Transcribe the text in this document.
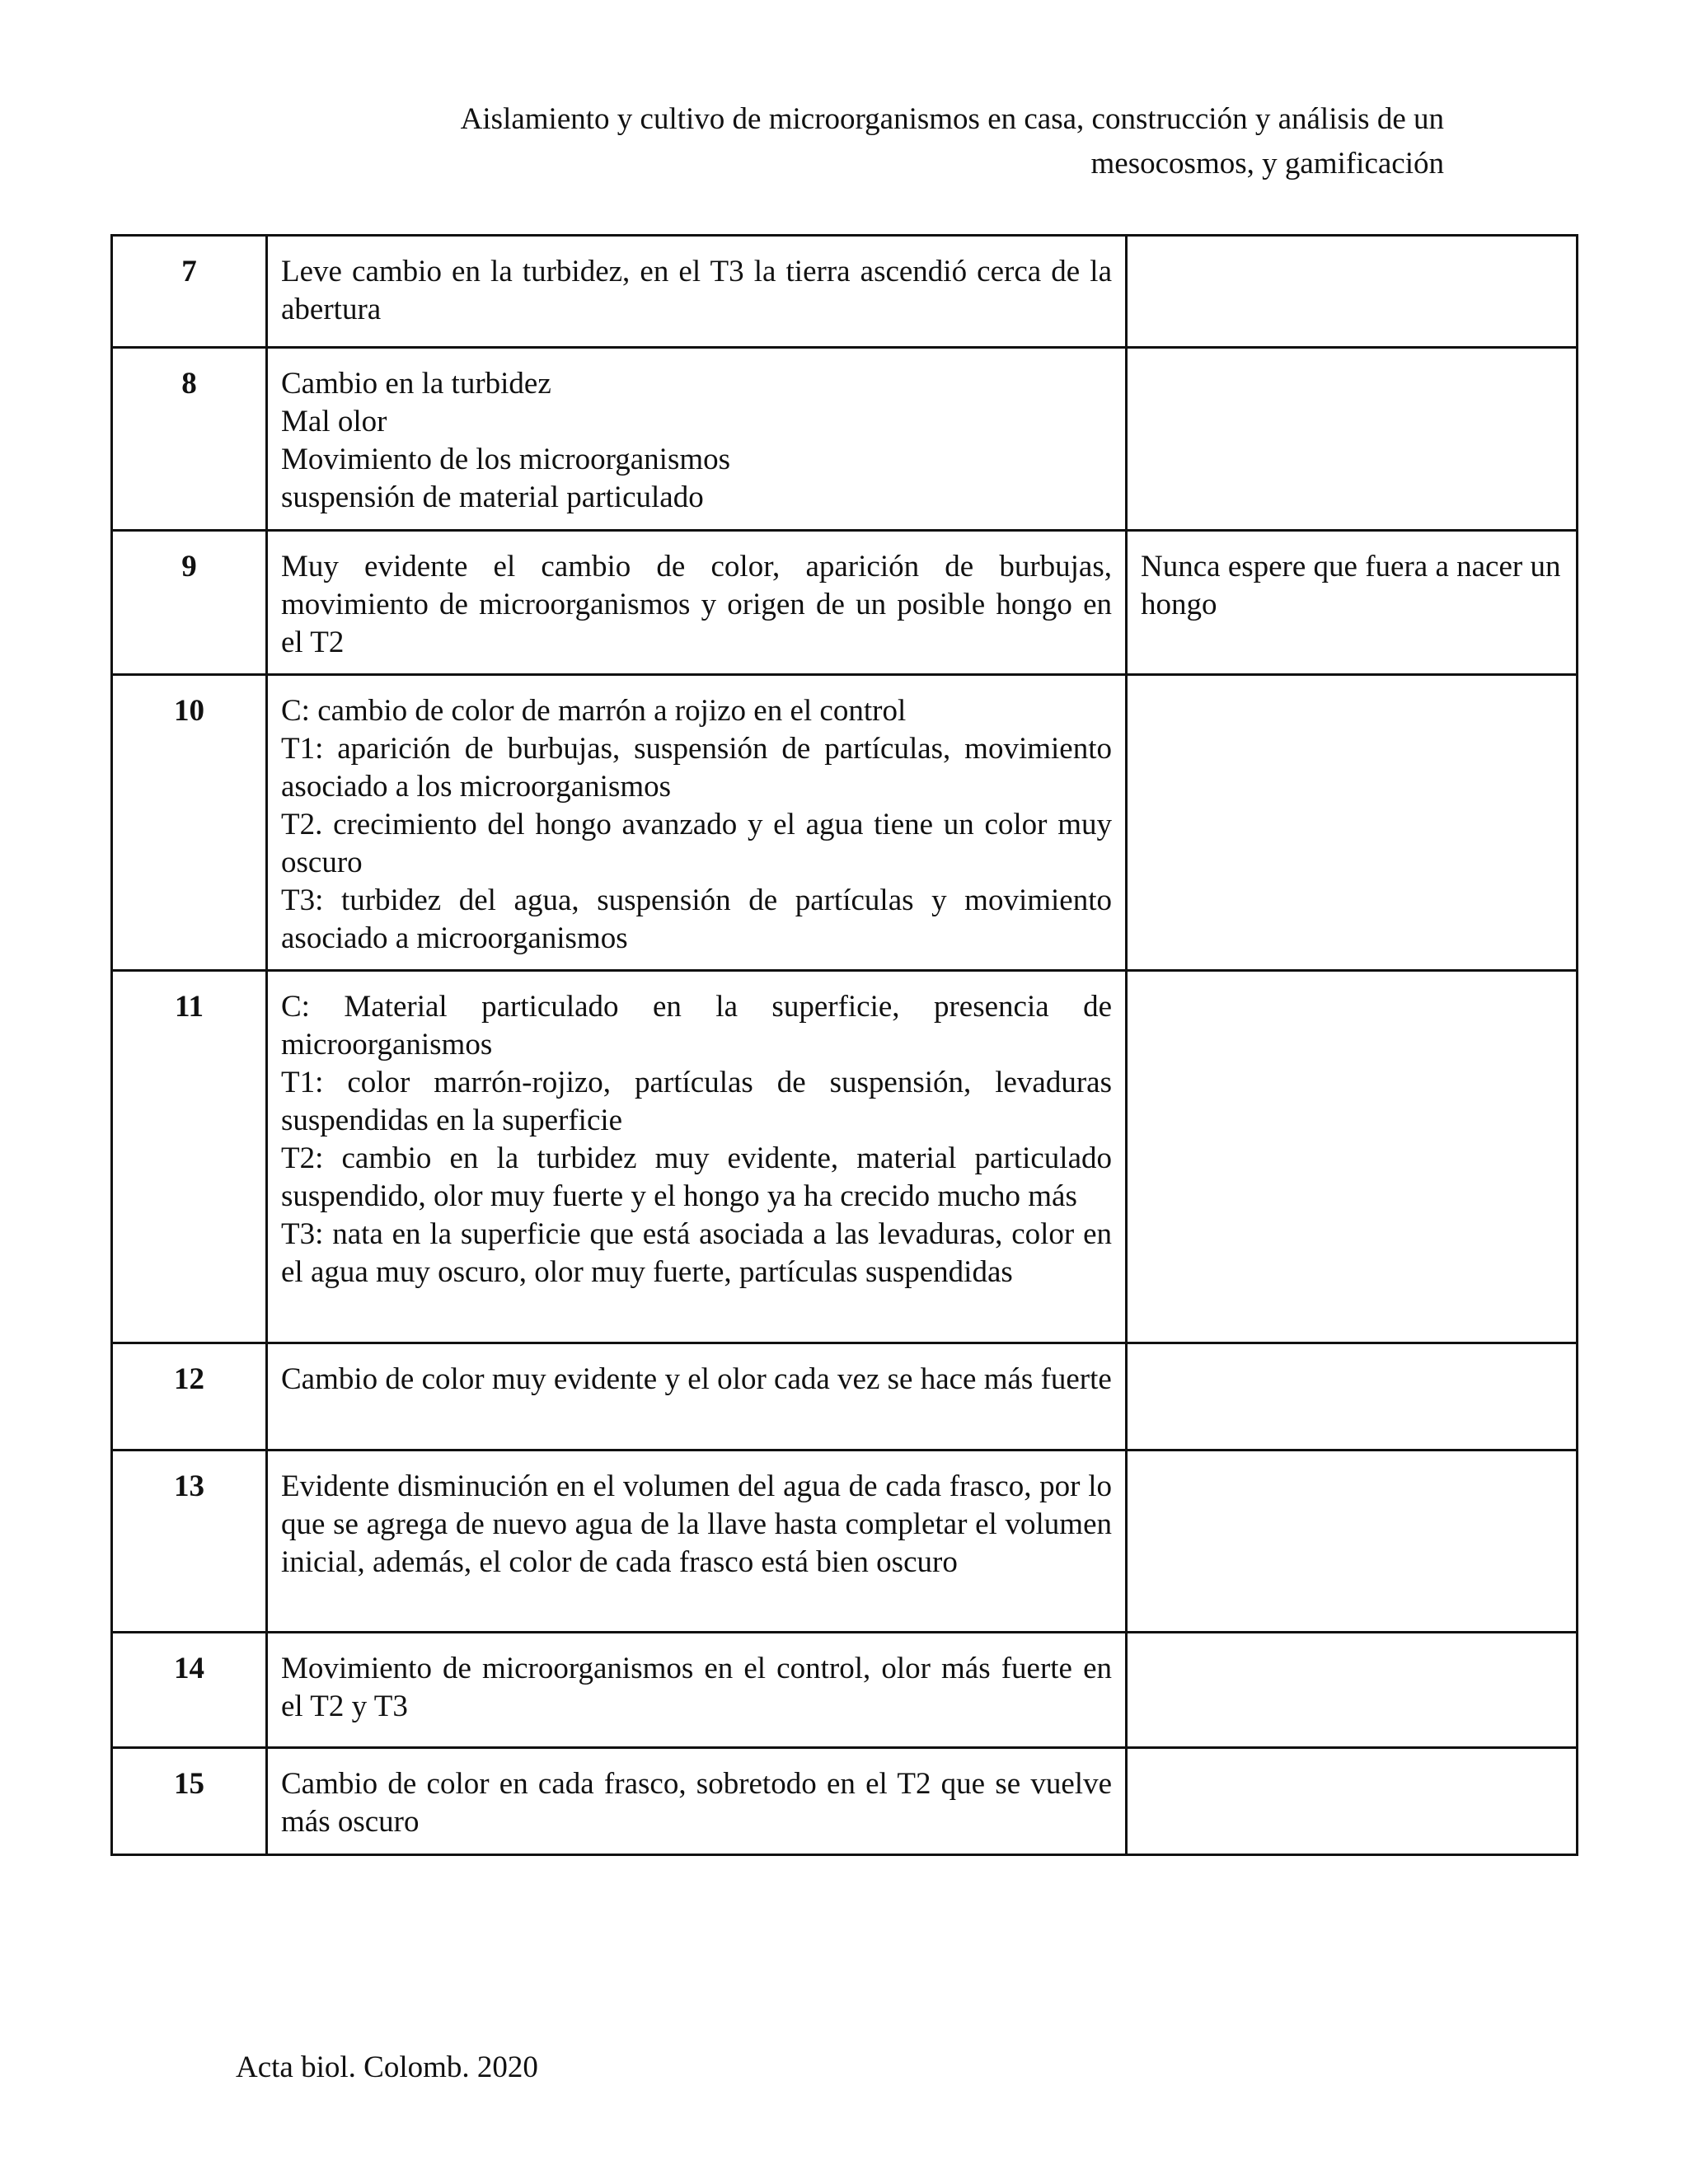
Aislamiento y cultivo de microorganismos en casa, construcción y análisis de un
mesocosmos, y gamificación
7	Leve cambio en la turbidez, en el T3 la tierra ascendió cerca de la abertura	

8	Cambio en la turbidez
Mal olor
Movimiento de los microorganismos
suspensión de material particulado	

9	Muy evidente el cambio de color, aparición de burbujas, movimiento de microorganismos y origen de un posible hongo en el T2	Nunca espere que fuera a nacer un hongo
10	C: cambio de color de marrón a rojizo en el control
T1: aparición de burbujas, suspensión de partículas, movimiento asociado a los microorganismos
T2. crecimiento del hongo avanzado y el agua tiene un color muy oscuro
T3: turbidez del agua, suspensión de partículas y movimiento asociado a microorganismos	

11	C: Material particulado en la superficie, presencia de microorganismos
T1: color marrón-rojizo, partículas de suspensión, levaduras suspendidas en la superficie
T2: cambio en la turbidez muy evidente, material particulado suspendido, olor muy fuerte y el hongo ya ha crecido mucho más
T3: nata en la superficie que está asociada a las levaduras, color en el agua muy oscuro, olor muy fuerte, partículas suspendidas	

12	Cambio de color muy evidente y el olor cada vez se hace más fuerte	

13	Evidente disminución en el volumen del agua de cada frasco, por lo que se agrega de nuevo agua de la llave hasta completar el volumen inicial, además, el color de cada frasco está bien oscuro	

14	Movimiento de microorganismos en el control, olor más fuerte en el T2 y T3	

15	Cambio de color en cada frasco, sobretodo en el T2 que se vuelve más oscuro	

Acta biol. Colomb. 2020
